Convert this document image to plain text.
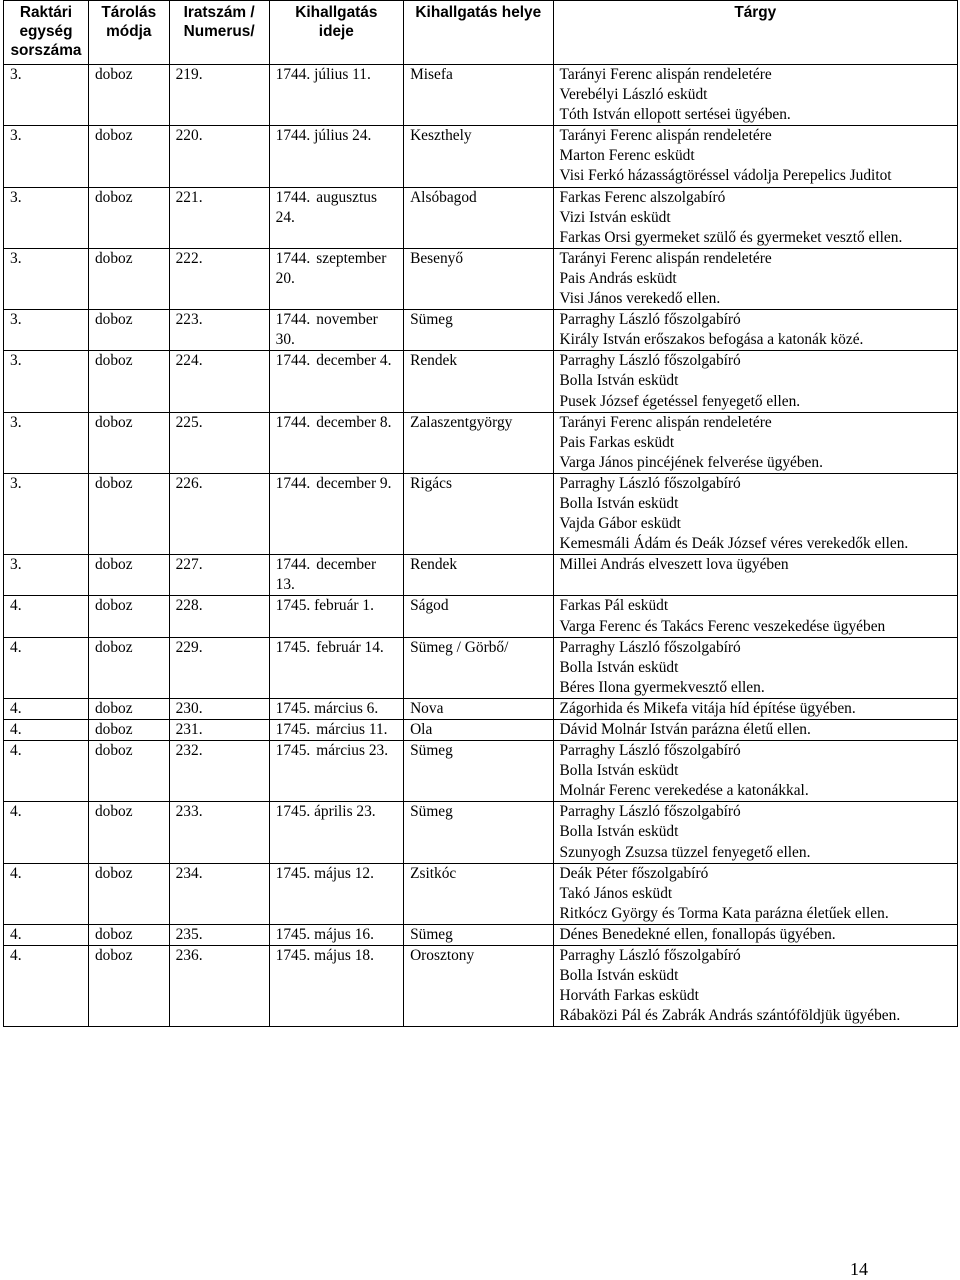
Raktári egység sorszáma	Tárolás módja	Iratszám / Numerus/	Kihallgatás ideje	Kihallgatás helye	Tárgy
3.	doboz	219.	1744. július 11.	Misefa	Tarányi Ferenc alispán rendeletére
Verebélyi László esküdt
Tóth István ellopott sertései ügyében.

3.	doboz	220.	1744. július 24.	Keszthely	Tarányi Ferenc alispán rendeletére
Marton Ferenc esküdt
Visi Ferkó házasságtöréssel vádolja Perepelics Juditot

3.	doboz	221.	1744. augusztus 24.	Alsóbagod	Farkas Ferenc alszolgabíró
Vizi István esküdt
Farkas Orsi gyermeket szülő és gyermeket vesztő ellen.

3.	doboz	222.	1744. szeptember 20.	Besenyő	Tarányi Ferenc alispán rendeletére
Pais András esküdt
Visi János verekedő ellen.

3.	doboz	223.	1744. november 30.	Sümeg	Parraghy László főszolgabíró
Király István erőszakos befogása a katonák közé.

3.	doboz	224.	1744. december 4.	Rendek	Parraghy László főszolgabíró
Bolla István esküdt
Pusek József égetéssel fenyegető ellen.

3.	doboz	225.	1744. december 8.	Zalaszentgyörgy	Tarányi Ferenc alispán rendeletére
Pais Farkas esküdt
Varga János pincéjének felverése ügyében.

3.	doboz	226.	1744. december 9.	Rigács	Parraghy László főszolgabíró
Bolla István esküdt
Vajda Gábor esküdt
Kemesmáli Ádám és Deák József véres verekedők ellen.

3.	doboz	227.	1744. december 13.	Rendek	Millei András elveszett lova ügyében

4.	doboz	228.	1745. február 1.	Ságod	Farkas Pál esküdt
Varga Ferenc és Takács Ferenc veszekedése ügyében

4.	doboz	229.	1745. február 14.	Sümeg / Görbő/	Parraghy László főszolgabíró
Bolla István esküdt
Béres Ilona gyermekvesztő ellen.

4.	doboz	230.	1745. március 6.	Nova	Zágorhida és Mikefa vitája híd építése ügyében.

4.	doboz	231.	1745. március 11.	Ola	Dávid Molnár István parázna életű ellen.

4.	doboz	232.	1745. március 23.	Sümeg	Parraghy László főszolgabíró
Bolla István esküdt
Molnár Ferenc verekedése a katonákkal.

4.	doboz	233.	1745. április 23.	Sümeg	Parraghy László főszolgabíró
Bolla István esküdt
Szunyogh Zsuzsa tüzzel fenyegető ellen.

4.	doboz	234.	1745. május 12.	Zsitkóc	Deák Péter főszolgabíró
Takó János esküdt
Ritkócz György és Torma Kata parázna életűek ellen.

4.	doboz	235.	1745. május 16.	Sümeg	Dénes Benedekné ellen, fonallopás ügyében.

4.	doboz	236.	1745. május 18.	Orosztony	Parraghy László főszolgabíró
Bolla István esküdt
Horváth Farkas esküdt
Rábaközi Pál és Zabrák András szántóföldjük ügyében.
14
